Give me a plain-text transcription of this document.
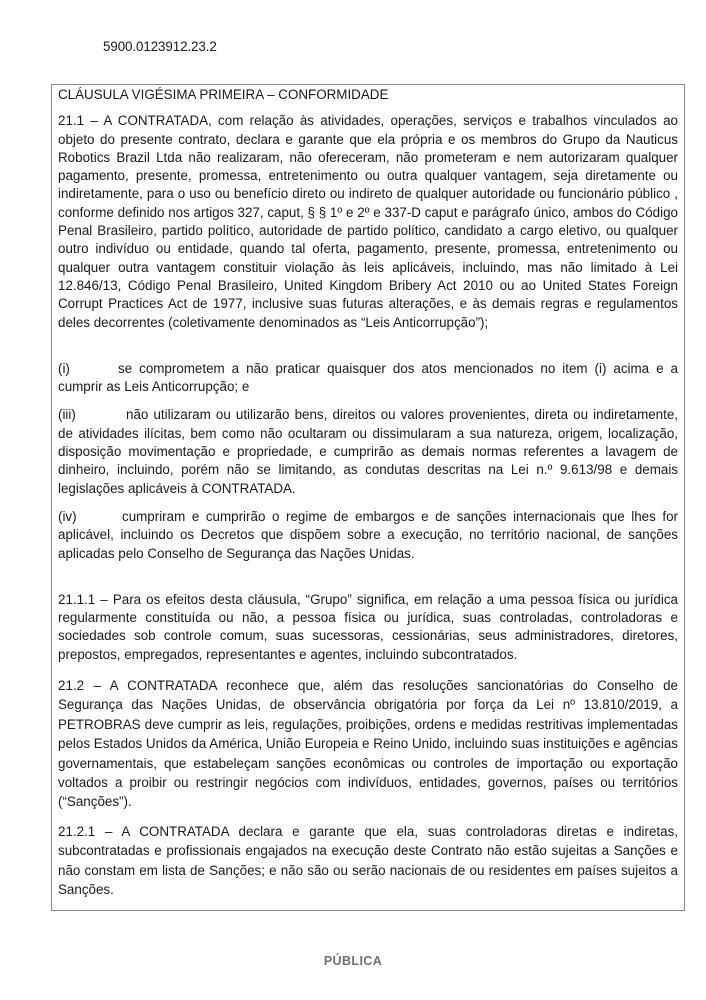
5900.0123912.23.2

CLÁUSULA VIGÉSIMA PRIMEIRA – CONFORMIDADE

21.1 – A CONTRATADA, com relação às atividades, operações, serviços e trabalhos vinculados ao objeto do presente contrato, declara e garante que ela própria e os membros do Grupo da Nauticus Robotics Brazil Ltda não realizaram, não ofereceram, não prometeram e nem autorizaram qualquer pagamento, presente, promessa, entretenimento ou outra qualquer vantagem, seja diretamente ou indiretamente, para o uso ou benefício direto ou indireto de qualquer autoridade ou funcionário público , conforme definido nos artigos 327, caput, § § 1º e 2º e 337-D caput e parágrafo único, ambos do Código Penal Brasileiro, partido político, autoridade de partido político, candidato a cargo eletivo, ou qualquer outro indivíduo ou entidade, quando tal oferta, pagamento, presente, promessa, entretenimento ou qualquer outra vantagem constituir violação às leis aplicáveis, incluindo, mas não limitado à Lei 12.846/13, Código Penal Brasileiro, United Kingdom Bribery Act 2010 ou ao United States Foreign Corrupt Practices Act de 1977, inclusive suas futuras alterações, e às demais regras e regulamentos deles decorrentes (coletivamente denominados as “Leis Anticorrupção”);

(i)	se comprometem a não praticar quaisquer dos atos mencionados no item (i) acima e a cumprir as Leis Anticorrupção; e

(iii)	não utilizaram ou utilizarão bens, direitos ou valores provenientes, direta ou indiretamente, de atividades ilícitas, bem como não ocultaram ou dissimularam a sua natureza, origem, localização, disposição movimentação e propriedade, e cumprirão as demais normas referentes a lavagem de dinheiro, incluindo, porém não se limitando, as condutas descritas na Lei n.º 9.613/98 e demais legislações aplicáveis à CONTRATADA.

(iv)	cumpriram e cumprirão o regime de embargos e de sanções internacionais que lhes for aplicável, incluindo os Decretos que dispõem sobre a execução, no território nacional, de sanções aplicadas pelo Conselho de Segurança das Nações Unidas.

21.1.1 – Para os efeitos desta cláusula, “Grupo” significa, em relação a uma pessoa física ou jurídica regularmente constituída ou não, a pessoa física ou jurídica, suas controladas, controladoras e sociedades sob controle comum, suas sucessoras, cessionárias, seus administradores, diretores, prepostos, empregados, representantes e agentes, incluindo subcontratados.

21.2 – A CONTRATADA reconhece que, além das resoluções sancionatórias do Conselho de Segurança das Nações Unidas, de observância obrigatória por força da Lei nº 13.810/2019, a PETROBRAS deve cumprir as leis, regulações, proibições, ordens e medidas restritivas implementadas pelos Estados Unidos da América, União Europeia e Reino Unido, incluindo suas instituições e agências governamentais, que estabeleçam sanções econômicas ou controles de importação ou exportação voltados a proibir ou restringir negócios com indivíduos, entidades, governos, países ou territórios (“Sanções”).

21.2.1 – A CONTRATADA declara e garante que ela, suas controladoras diretas e indiretas, subcontratadas e profissionais engajados na execução deste Contrato não estão sujeitas a Sanções e não constam em lista de Sanções; e não são ou serão nacionais de ou residentes em países sujeitos a Sanções.

PÚBLICA
